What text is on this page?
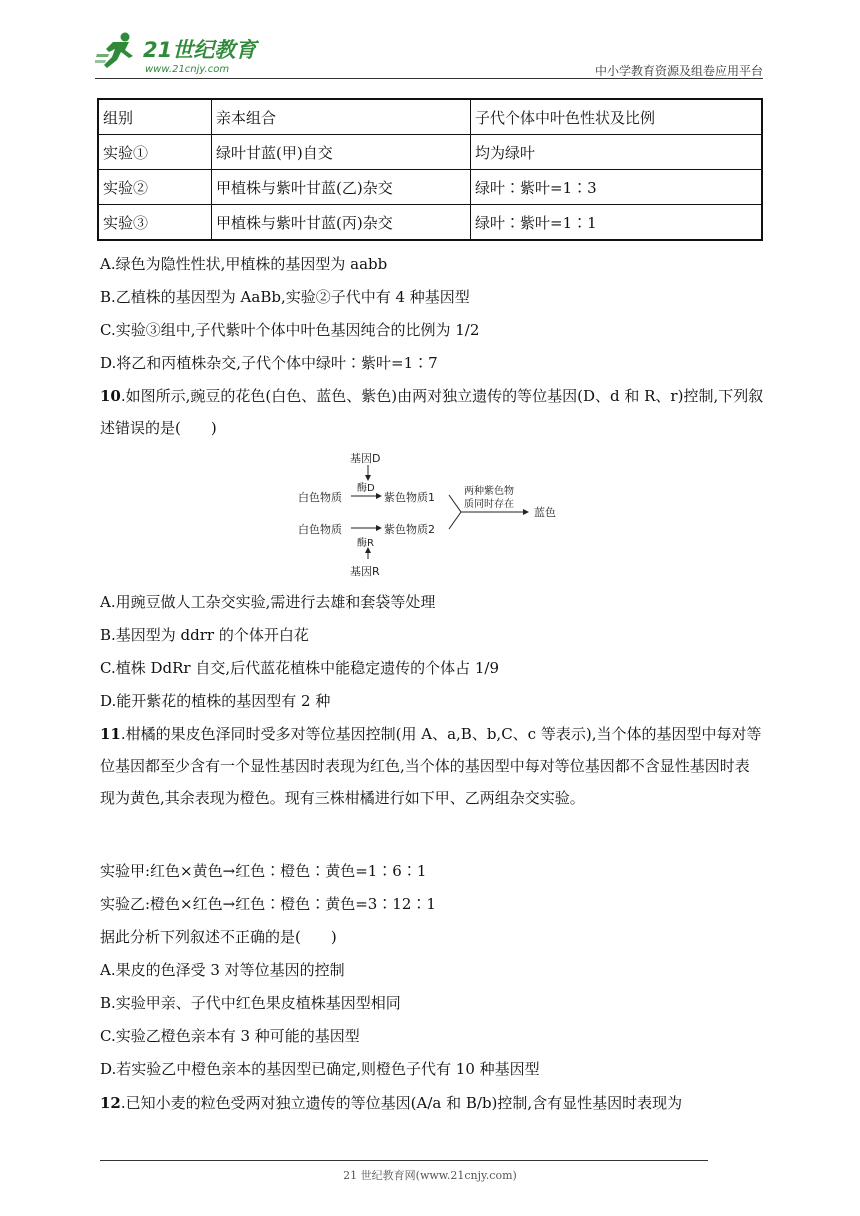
21世纪教育
www.21cnjy.com	中小学教育资源及组卷应用平台
组别	亲本组合	子代个体中叶色性状及比例
实验①	绿叶甘蓝(甲)自交	均为绿叶
实验②	甲植株与紫叶甘蓝(乙)杂交	绿叶∶紫叶=1∶3
实验③	甲植株与紫叶甘蓝(丙)杂交	绿叶∶紫叶=1∶1
A.绿色为隐性性状,甲植株的基因型为 aabb
B.乙植株的基因型为 AaBb,实验②子代中有 4 种基因型
C.实验③组中,子代紫叶个体中叶色基因纯合的比例为 1/2
D.将乙和丙植株杂交,子代个体中绿叶∶紫叶=1∶7
10.如图所示,豌豆的花色(白色、蓝色、紫色)由两对独立遗传的等位基因(D、d 和 R、r)控制,下列叙述错误的是(　　)
基因D
酶D
白色物质	紫色物质1
白色物质	紫色物质2
酶R
基因R
两种紫色物
质同时存在
蓝色
A.用豌豆做人工杂交实验,需进行去雄和套袋等处理
B.基因型为 ddrr 的个体开白花
C.植株 DdRr 自交,后代蓝花植株中能稳定遗传的个体占 1/9
D.能开紫花的植株的基因型有 2 种
11.柑橘的果皮色泽同时受多对等位基因控制(用 A、a,B、b,C、c 等表示),当个体的基因型中每对等位基因都至少含有一个显性基因时表现为红色,当个体的基因型中每对等位基因都不含显性基因时表现为黄色,其余表现为橙色。现有三株柑橘进行如下甲、乙两组杂交实验。
实验甲:红色×黄色→红色∶橙色∶黄色=1∶6∶1
实验乙:橙色×红色→红色∶橙色∶黄色=3∶12∶1
据此分析下列叙述不正确的是(　　)
A.果皮的色泽受 3 对等位基因的控制
B.实验甲亲、子代中红色果皮植株基因型相同
C.实验乙橙色亲本有 3 种可能的基因型
D.若实验乙中橙色亲本的基因型已确定,则橙色子代有 10 种基因型
12.已知小麦的粒色受两对独立遗传的等位基因(A/a 和 B/b)控制,含有显性基因时表现为
21 世纪教育网(www.21cnjy.com)
